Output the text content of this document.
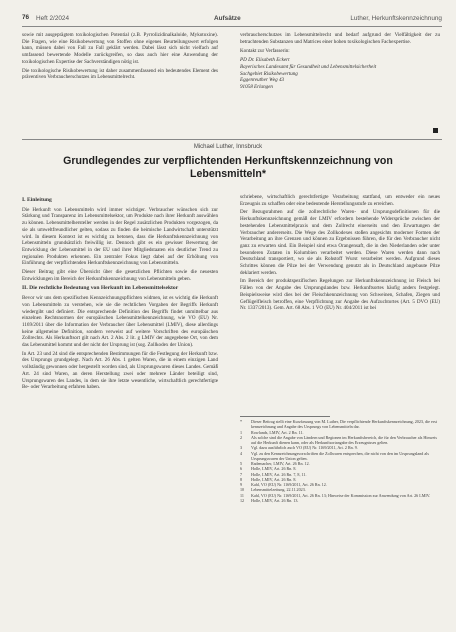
76 Heft 2/2024	Aufsätze	Luther, Herkunftskennzeichnung

sowie mit ausgeprägtem toxikologischen Potential (z.B. Pyrrolizidinalkaloide, Mykotoxine). Die Fragen, wie eine Risikobewertung von Stoffen ohne eigenes Beurteilungswert erfolgen kann, müssen dabei von Fall zu Fall geklärt werden. Dabei lässt sich nicht vielfach auf umfassend bewertende Modelle zurückgreifen, so dass auch hier eine Anwendung der toxikologischen Expertise der Sachverständigen nötig ist.

Die toxikologische Risikobewertung ist daher zusammenfassend ein bedeutendes Element des präventiven Verbraucherschutzes im Lebensmittelrecht.

verbraucherschutzes im Lebensmittelrecht und bedarf aufgrund der Vielfältigkeit der zu betrachtenden Substanzen und Matrices einer hohen toxikologischen Fachexpertise.

Kontakt zur Verfasserin:

PD Dr. Elisabeth Eckert

Bayerisches Landesamt für Gesundheit und Lebensmittelsicherheit

Sachgebiet Risikobewertung

Eggenreuther Weg 43

91058 Erlangen

Michael Luther, Innsbruck
Grundlegendes zur verpflichtenden Herkunftskennzeichnung von Lebensmitteln*

I. Einleitung

Die Herkunft von Lebensmitteln wird immer wichtiger. Verbraucher wünschen sich zur Stärkung und Transparenz im Lebensmittelsektor, um Produkte nach ihrer Herkunft auswählen zu können. Lebensmittelhersteller werden in der Regel zusätzlichen Produkten vorgezogen, da sie als umweltfreundlicher gelten, sodass zu finden die heimische Landwirtschaft unterstützt wird. In diesem Kontext ist es wichtig zu betonen, dass die Herkunftskennzeichnung von Lebensmitteln grundsätzlich freiwillig ist. Dennoch gibt es ein gewisser Bewertung der Entwicklung der Lebensmittel in der EU und ihrer Mitgliedstaaten ein deutlicher Trend zu regionalen Produkten erkennen. Ein zentraler Fokus liegt dabei auf der Erhöhung von Einführung der verpflichtenden Herkunftskennzeichnung von Lebensmitteln.

Dieser Beitrag gibt eine Übersicht über die gesetzlichen Pflichten sowie die neuesten Entwicklungen im Bereich der Herkunftskennzeichnung von Lebensmitteln geben.

II. Die rechtliche Bedeutung von Herkunft im Lebensmittelsektor

Bevor wir uns dem spezifischen Kennzeichnungspflichten widmen, ist es wichtig die Herkunft von Lebensmitteln zu verstehen, wie sie die rechtlichen Vorgaben der Begriffs Herkunft wiedergibt und definiert. Die entsprechende Definition des Begriffs findet unmittelbar aus einzelnen Rechtsnormen der europäischen Lebensmittelkennzeichnung, wie VO (EU) Nr. 1169/2011 über die Information der Verbraucher über Lebensmittel (LMIV), diese allerdings keine allgemeine Definition, sondern verweist auf weitere Vorschriften des europäischen Zollrechts. Als Herkunftsort gilt nach Art. 2 Abs. 2 lit. g LMIV der angegebene Ort, von dem das Lebensmittel kommt und der nicht der Ursprung ist (sog. Zollkodex der Union).

In Art. 23 und 24 sind die entsprechenden Bestimmungen für die Festlegung der Herkunft bzw. des Ursprungs grundgelegt. Nach Art. 26 Abs. 1 gelten Waren, die in einem einzigen Land vollständig gewonnen oder hergestellt worden sind, als Ursprungswaren dieses Landes. Gemäß Art. 24 sind Waren, an deren Herstellung zwei oder mehrere Länder beteiligt sind, Ursprungswaren des Landes, in dem sie ihre letzte wesentliche, wirtschaftlich gerechtfertigte Be- oder Verarbeitung erfahren haben.

schriebene, wirtschaftlich gerechtfertigte Verarbeitung stattfand, um entweder ein neues Erzeugnis zu schaffen oder eine bedeutende Herstellungsstufe zu erreichen.

Der Bezugsrahmen auf die zollrechtliche Waren- und Ursprungsdefinitionen für die Herkunftskennzeichnung gemäß der LMIV erfordern bestehende Widersprüche zwischen der bestehenden Lebensmittelpraxis und dem Zollrecht einerseits und den Erwartungen der Verbraucher andererseits. Die Wege des Zollkodexes stoßen angesichts moderner Formen der Verarbeitung an ihre Grenzen und können zu Ergebnissen führen, die für den Verbraucher nicht ganz zu erwarten sind. Ein Beispiel sind etwa Orangensaft, die in den Niederlanden oder unter besonderen Zutaten in Kolumbien verarbeitet werden. Diese Waren werden dann nach Deutschland transportiert, wo sie als Rohstoff Wurst verarbeitet werden. Aufgrund dieses Schrittes können die Pilze bei der Verwendung genutzt als in Deutschland angebaute Pilze deklariert werden.

Im Bereich der produktspezifischen Regelungen zur Herkunftskennzeichnung ist Fleisch bei Fällen von der Angabe des Ursprungslandes bzw. Herkunftsortes häufig anders festgelegt. Beispielsweise wird dies bei der Fleischkennzeichnung von Schweinen, Schafen, Ziegen und Geflügelfleisch betroffen, eine Verpflichtung zur Angabe des Aufzuchtortes (Art. 5 DVO (EU) Nr. 1337/2013). Gem. Art. 68 Abs. 1 VO (EU) Nr. 404/2011 ist bei

*	Dieser Beitrag stellt eine Kurzfassung von M. Luther, Die verpflichtende Herkunftskennzeichnung, 2023, die erst kennzeichnung und Angabe des Ursprungs von Lebensmitteln dar.
1	Rowlands, LMIV, Art. 2 Rn. 11.
2	Als solche sind die Angabe von Ländern und Regionen im Herkunftsbereich, die für den Verbraucher als Hinweis auf die Herkunft dienen kann, oder als Herkunftsortangabe des Erzeugnisses gelten.
3	Vgl. dazu ausführlich auch VO (EU) Nr. 1169/2011, Art. 2 Rn. 9.
4	Vgl. zu den Kennzeichnungsvorschriften die Zollwaren entsprechen, die nicht von den im Ursprungsland als Ursprungswaren der Union gelten.
5	Rademacher, LMIV, Art. 26 Rn. 12.
6	Holle, LMIV, Art. 26 Rn. 8.
7	Holle, LMIV, Art. 26 Rn. 7, 8, 11.
8	Holle, LMIV, Art. 26 Rn. 8.
9	Kahl, VO (EU) Nr. 1169/2011, Art. 26 Rn. 12.
10	Lebensmittelzeitung, 22.11.2023.
11	Kahl, VO (EU) Nr. 1169/2011, Art. 26 Rn. 13; Hinweise der Kommission zur Anwendung von Art. 26 LMIV.
12	Holle, LMIV, Art. 26 Rn. 13.
